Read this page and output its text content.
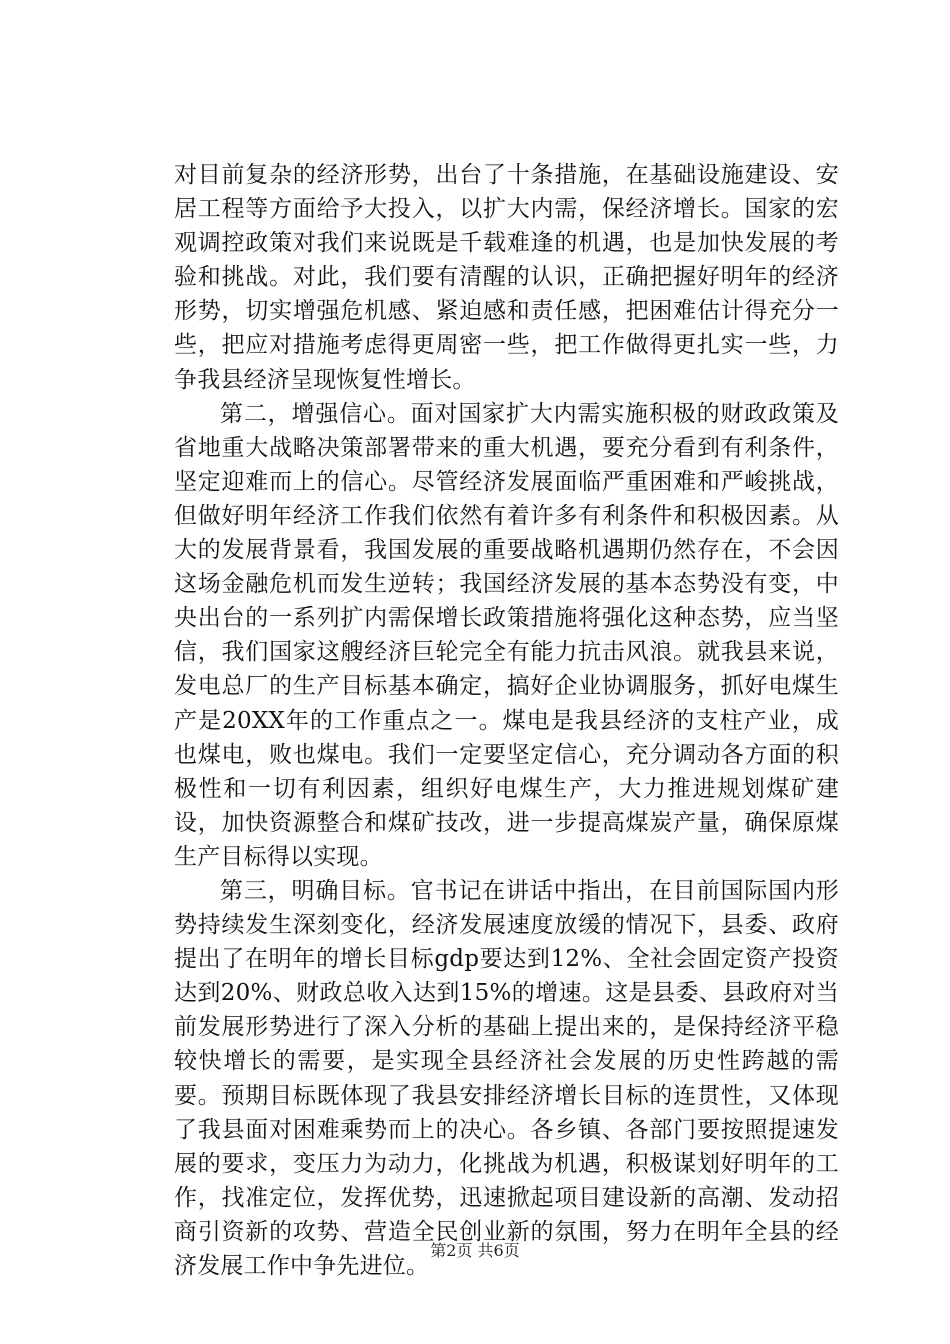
对目前复杂的经济形势，出台了十条措施，在基础设施建设、安居工程等方面给予大投入，以扩大内需，保经济增长。国家的宏观调控政策对我们来说既是千载难逢的机遇，也是加快发展的考验和挑战。对此，我们要有清醒的认识，正确把握好明年的经济形势，切实增强危机感、紧迫感和责任感，把困难估计得充分一些，把应对措施考虑得更周密一些，把工作做得更扎实一些，力争我县经济呈现恢复性增长。

第二，增强信心。面对国家扩大内需实施积极的财政政策及省地重大战略决策部署带来的重大机遇，要充分看到有利条件，坚定迎难而上的信心。尽管经济发展面临严重困难和严峻挑战，但做好明年经济工作我们依然有着许多有利条件和积极因素。从大的发展背景看，我国发展的重要战略机遇期仍然存在，不会因这场金融危机而发生逆转；我国经济发展的基本态势没有变，中央出台的一系列扩内需保增长政策措施将强化这种态势，应当坚信，我们国家这艘经济巨轮完全有能力抗击风浪。就我县来说，发电总厂的生产目标基本确定，搞好企业协调服务，抓好电煤生产是20XX年的工作重点之一。煤电是我县经济的支柱产业，成也煤电，败也煤电。我们一定要坚定信心，充分调动各方面的积极性和一切有利因素，组织好电煤生产，大力推进规划煤矿建设，加快资源整合和煤矿技改，进一步提高煤炭产量，确保原煤生产目标得以实现。

第三，明确目标。官书记在讲话中指出，在目前国际国内形势持续发生深刻变化，经济发展速度放缓的情况下，县委、政府提出了在明年的增长目标gdp要达到12%、全社会固定资产投资达到20%、财政总收入达到15%的增速。这是县委、县政府对当前发展形势进行了深入分析的基础上提出来的，是保持经济平稳较快增长的需要，是实现全县经济社会发展的历史性跨越的需要。预期目标既体现了我县安排经济增长目标的连贯性，又体现了我县面对困难乘势而上的决心。各乡镇、各部门要按照提速发展的要求，变压力为动力，化挑战为机遇，积极谋划好明年的工作，找准定位，发挥优势，迅速掀起项目建设新的高潮、发动招商引资新的攻势、营造全民创业新的氛围，努力在明年全县的经济发展工作中争先进位。

第2页 共6页
